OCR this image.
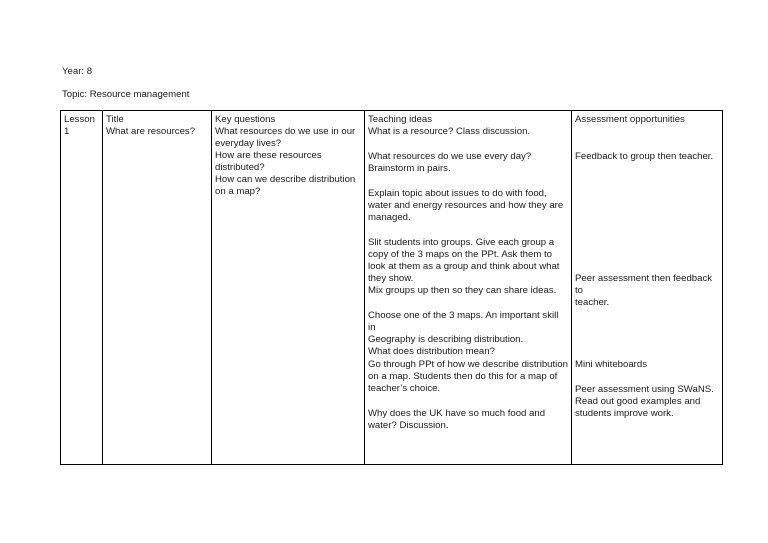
Year: 8
Topic: Resource management
Lesson
1
Title
What are resources?
Key questions
What resources do we use in our
everyday lives?
How are these resources
distributed?
How can we describe distribution
on a map?
Teaching ideas
What is a resource? Class discussion.
What resources do we use every day?
Brainstorm in pairs.
Explain topic about issues to do with food,
water and energy resources and how they are
managed.
Slit students into groups. Give each group a
copy of the 3 maps on the PPt. Ask them to
look at them as a group and think about what
they show.
Mix groups up then so they can share ideas.
Choose one of the 3 maps. An important skill in
Geography is describing distribution.
What does distribution mean?
Go through PPt of how we describe distribution
on a map. Students then do this for a map of
teacher’s choice.
Why does the UK have so much food and
water? Discussion.
Assessment opportunities
Feedback to group then teacher.
Peer assessment then feedback to
teacher.
Mini whiteboards
Peer assessment using SWaNS.
Read out good examples and
students improve work.
